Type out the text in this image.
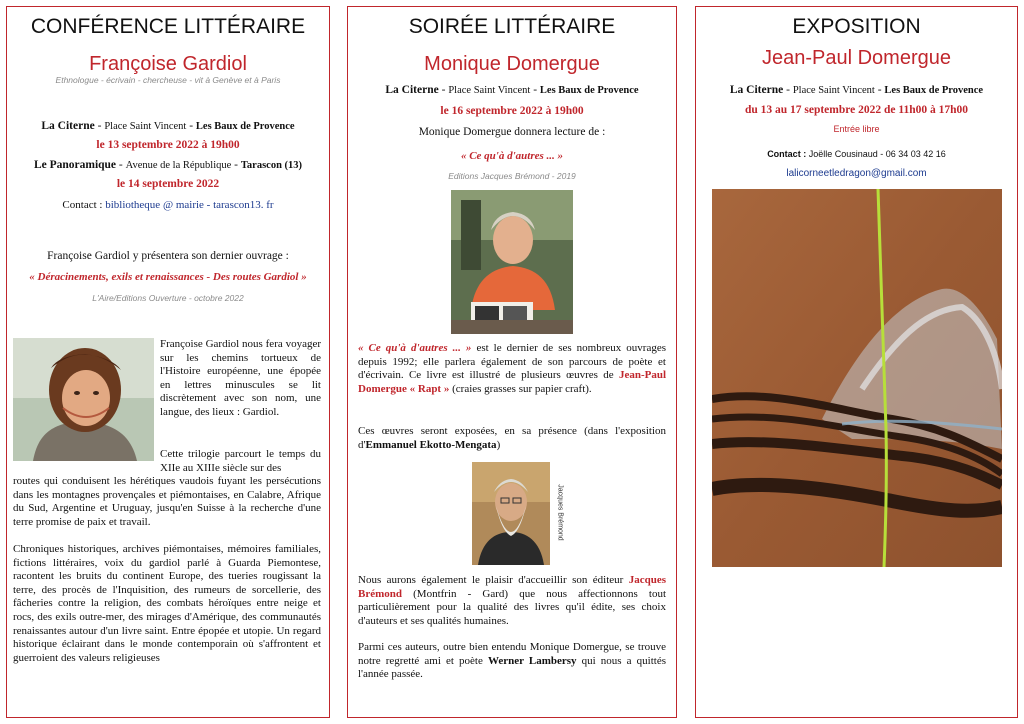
CONFÉRENCE LITTÉRAIRE
Françoise Gardiol
Ethnologue - écrivain - chercheuse - vit à Genève et à Paris
La Citerne - Place Saint Vincent - Les Baux de Provence
le 13 septembre 2022 à 19h00
Le Panoramique - Avenue de la République - Tarascon (13)
le 14 septembre 2022
Contact : bibliotheque @ mairie - tarascon13. fr
Françoise Gardiol y présentera son dernier ouvrage :
« Déracinements, exils et renaissances - Des routes Gardiol »
L'Aire/Editions Ouverture - octobre 2022

Françoise Gardiol nous fera voyager sur les chemins tortueux de l'Histoire européenne, une épopée en lettres minuscules se lit discrètement avec son nom, une langue, des lieux : Gardiol.

Cette trilogie parcourt le temps du XIIe au XIIIe siècle sur des

routes qui conduisent les hérétiques vaudois fuyant les persécutions dans les montagnes provençales et piémontaises, en Calabre, Afrique du Sud, Argentine et Uruguay, jusqu'en Suisse à la recherche d'une terre promise de paix et travail.

Chroniques historiques, archives piémontaises, mémoires familiales, fictions littéraires, voix du gardiol parlé à Guarda Piemontese, racontent les bruits du continent Europe, des tueries rougissant la terre, des procès de l'Inquisition, des rumeurs de sorcellerie, des fâcheries contre la religion, des combats héroïques entre neige et rocs, des exils outre-mer, des mirages d'Amérique, des communautés renaissantes autour d'un livre saint. Entre épopée et utopie. Un regard historique éclairant dans le monde contemporain où s'affrontent et guerroient des valeurs religieuses

SOIRÉE LITTÉRAIRE
Monique Domergue
La Citerne - Place Saint Vincent - Les Baux de Provence
le 16 septembre 2022 à 19h00
Monique Domergue donnera lecture de :
« Ce qu'à d'autres ... »
Editions Jacques Brémond - 2019

« Ce qu'à d'autres ... » est le dernier de ses nombreux ouvrages depuis 1992; elle parlera également de son parcours de poète et d'écrivain. Ce livre est illustré de plusieurs œuvres de Jean-Paul Domergue « Rapt » (craies grasses sur papier craft).

Ces œuvres seront exposées, en sa présence (dans l'exposition d'Emmanuel Ekotto-Mengata)

Jacques Brémond

Nous aurons également le plaisir d'accueillir son éditeur Jacques Brémond (Montfrin - Gard) que nous affectionnons tout particulièrement pour la qualité des livres qu'il édite, ses choix d'auteurs et ses qualités humaines.

Parmi ces auteurs, outre bien entendu Monique Domergue, se trouve notre regretté ami et poète Werner Lambersy qui nous a quittés l'année passée.

EXPOSITION
Jean-Paul Domergue
La Citerne - Place Saint Vincent - Les Baux de Provence
du 13 au 17 septembre 2022 de 11h00 à 17h00
Entrée libre
Contact : Joëlle Cousinaud - 06 34 03 42 16
lalicorneetledragon@gmail.com
